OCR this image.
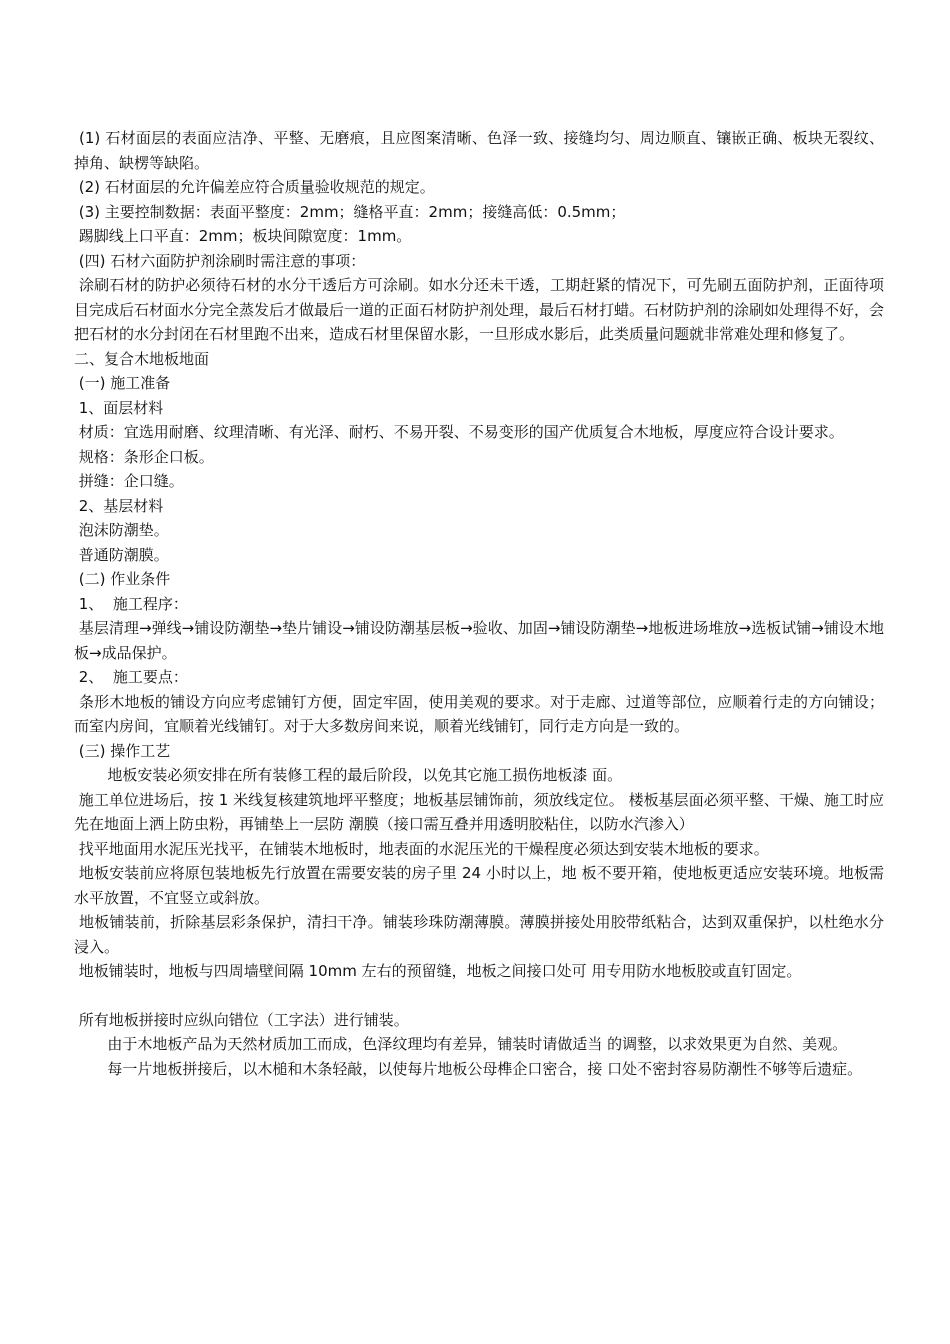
(1) 石材面层的表面应洁净、平整、无磨痕，且应图案清晰、色泽一致、接缝均匀、周边顺直、镶嵌正确、板块无裂纹、掉角、缺楞等缺陷。

(2) 石材面层的允许偏差应符合质量验收规范的规定。

(3) 主要控制数据：表面平整度：2mm；缝格平直：2mm；接缝高低：0.5mm；

踢脚线上口平直：2mm；板块间隙宽度：1mm。

(四) 石材六面防护剂涂刷时需注意的事项：

涂刷石材的防护必须待石材的水分干透后方可涂刷。如水分还未干透，工期赶紧的情况下，可先刷五面防护剂，正面待项目完成后石材面水分完全蒸发后才做最后一道的正面石材防护剂处理，最后石材打蜡。石材防护剂的涂刷如处理得不好，会把石材的水分封闭在石材里跑不出来，造成石材里保留水影，一旦形成水影后，此类质量问题就非常难处理和修复了。

二、复合木地板地面

(一) 施工准备

1、面层材料

材质：宜选用耐磨、纹理清晰、有光泽、耐朽、不易开裂、不易变形的国产优质复合木地板，厚度应符合设计要求。

规格：条形企口板。

拼缝：企口缝。

2、基层材料

泡沫防潮垫。

普通防潮膜。

(二) 作业条件

1、  施工程序：

基层清理→弹线→铺设防潮垫→垫片铺设→铺设防潮基层板→验收、加固→铺设防潮垫→地板进场堆放→选板试铺→铺设木地板→成品保护。

2、  施工要点：

条形木地板的铺设方向应考虑铺钉方便，固定牢固，使用美观的要求。对于走廊、过道等部位，应顺着行走的方向铺设；而室内房间，宜顺着光线铺钉。对于大多数房间来说，顺着光线铺钉，同行走方向是一致的。

(三) 操作工艺

地板安装必须安排在所有装修工程的最后阶段，以免其它施工损伤地板漆 面。

施工单位进场后，按 1 米线复核建筑地坪平整度；地板基层铺饰前，须放线定位。 楼板基层面必须平整、干燥、施工时应先在地面上洒上防虫粉，再铺垫上一层防 潮膜（接口需互叠并用透明胶粘住，以防水汽渗入）

找平地面用水泥压光找平，在铺装木地板时，地表面的水泥压光的干燥程度必须达到安装木地板的要求。

地板安装前应将原包装地板先行放置在需要安装的房子里 24 小时以上，地 板不要开箱，使地板更适应安装环境。地板需水平放置，不宜竖立或斜放。

地板铺装前，折除基层彩条保护，清扫干净。铺装珍珠防潮薄膜。薄膜拼接处用胶带纸粘合，达到双重保护，以杜绝水分浸入。

地板铺装时，地板与四周墙壁间隔 10mm 左右的预留缝，地板之间接口处可 用专用防水地板胶或直钉固定。

所有地板拼接时应纵向错位（工字法）进行铺装。

由于木地板产品为天然材质加工而成，色泽纹理均有差异，铺装时请做适当 的调整，以求效果更为自然、美观。

每一片地板拼接后，以木槌和木条轻敲，以使每片地板公母榫企口密合，接 口处不密封容易防潮性不够等后遗症。
